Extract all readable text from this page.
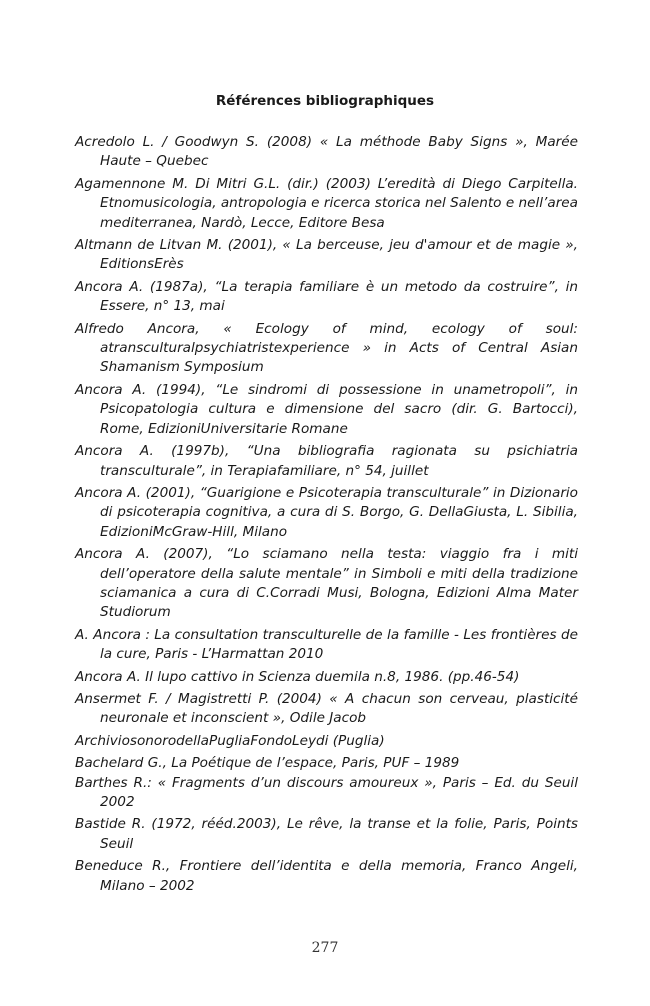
Références bibliographiques
Acredolo L. / Goodwyn S. (2008) « La méthode Baby Signs », Marée Haute – Quebec
Agamennone M. Di Mitri G.L. (dir.) (2003) L’eredità di Diego Carpitella. Etnomusicologia, antropologia e ricerca storica nel Salento e nell’area mediterranea, Nardò, Lecce, Editore Besa
Altmann de Litvan M. (2001), « La berceuse, jeu d'amour et de magie », EditionsErès
Ancora A. (1987a), “La terapia familiare è un metodo da costruire”, in Essere, n° 13, mai
Alfredo Ancora, « Ecology of mind, ecology of soul: atransculturalpsychiatristexperience » in Acts of Central Asian Shamanism Symposium
Ancora A. (1994), “Le sindromi di possessione in unametropoli”, in Psicopatologia cultura e dimensione del sacro (dir. G. Bartocci), Rome, EdizioniUniversitarie Romane
Ancora A. (1997b), “Una bibliografia ragionata su psichiatria transculturale”, in Terapiafamiliare, n° 54, juillet
Ancora A. (2001), “Guarigione e Psicoterapia transculturale” in Dizionario di psicoterapia cognitiva, a cura di S. Borgo, G. DellaGiusta, L. Sibilia, EdizioniMcGraw-Hill, Milano
Ancora A. (2007), “Lo sciamano nella testa: viaggio fra i miti dell’operatore della salute mentale” in Simboli e miti della tradizione sciamanica a cura di C.Corradi Musi, Bologna, Edizioni Alma Mater Studiorum
A. Ancora : La consultation transculturelle de la famille - Les frontières de la cure, Paris - L’Harmattan 2010
Ancora A. Il lupo cattivo in Scienza duemila n.8, 1986. (pp.46-54)
Ansermet F. / Magistretti P. (2004) « A chacun son cerveau, plasticité neuronale et inconscient », Odile Jacob
ArchiviosonorodellaPugliaFondoLeydi (Puglia)
Bachelard G., La Poétique de l’espace, Paris, PUF – 1989
Barthes R.: « Fragments d’un discours amoureux », Paris – Ed. du Seuil 2002
Bastide R. (1972, rééd.2003), Le rêve, la transe et la folie, Paris, Points Seuil
Beneduce R., Frontiere dell’identita e della memoria, Franco Angeli, Milano – 2002
277
